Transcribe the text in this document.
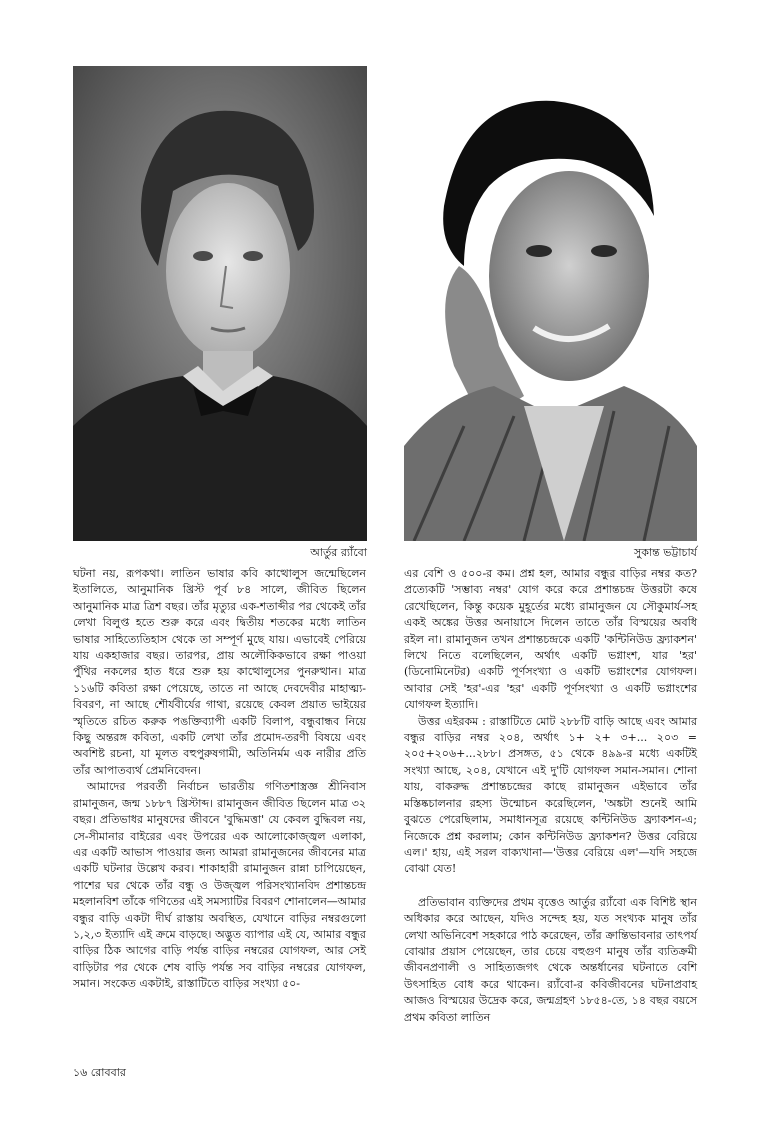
আর্তুর র‍্যাঁবো	সুকান্ত ভট্টাচার্য

ঘটনা নয়, রূপকথা। লাতিন ভাষার কবি কাত্থোলুস জন্মেছিলেন ইতালিতে, আনুমানিক খ্রিস্ট পূর্ব ৮৪ সালে, জীবিত ছিলেন আনুমানিক মাত্র ত্রিশ বছর। তাঁর মৃত্যুর এক-শতাব্দীর পর থেকেই তাঁর লেখা বিলুপ্ত হতে শুরু করে এবং দ্বিতীয় শতকের মধ্যে লাতিন ভাষার সাহিত্যেতিহাস থেকে তা সম্পূর্ণ মুছে যায়। এভাবেই পেরিয়ে যায় একহাজার বছর। তারপর, প্রায় অলৌকিকভাবে রক্ষা পাওয়া পুঁথির নকলের হাত ধরে শুরু হয় কাত্থোলুসের পুনরুত্থান। মাত্র ১১৬টি কবিতা রক্ষা পেয়েছে, তাতে না আছে দেবদেবীর মাহাত্ম্য-বিবরণ, না আছে শৌর্যবীর্যের গাথা, রয়েছে কেবল প্রয়াত ভাইয়ের স্মৃতিতে রচিত করুক পঙক্তিব্যাপী একটি বিলাপ, বন্ধুবান্ধব নিয়ে কিছু অন্তরঙ্গ কবিতা, একটি লেখা তাঁর প্রমোদ-তরণী বিষয়ে এবং অবশিষ্ট রচনা, যা মূলত বহুপুরুষগামী, অতিনির্মম এক নারীর প্রতি তাঁর আপাতব্যর্থ প্রেমনিবেদন।

আমাদের পরবর্তী নির্বাচন ভারতীয় গণিতশাস্ত্রজ্ঞ শ্রীনিবাস রামানুজন, জন্ম ১৮৮৭ খ্রিস্টাব্দ। রামানুজন জীবিত ছিলেন মাত্র ৩২ বছর। প্রতিভাধর মানুষদের জীবনে 'বুদ্ধিমত্তা' যে কেবল বুদ্ধিবল নয়, সে-সীমানার বাইরের এবং উপরের এক আলোকোজ্জ্বল এলাকা, এর একটি আভাস পাওয়ার জন্য আমরা রামানুজনের জীবনের মাত্র একটি ঘটনার উল্লেখ করব। শাকাহারী রামানুজন রান্না চাপিয়েছেন, পাশের ঘর থেকে তাঁর বন্ধু ও উজ্জ্বল পরিসংখ্যানবিদ প্রশান্তচন্দ্র মহলানবিশ তাঁকে গণিতের এই সমস্যাটির বিবরণ শোনালেন—আমার বন্ধুর বাড়ি একটা দীর্ঘ রাস্তায় অবস্থিত, যেখানে বাড়ির নম্বরগুলো ১,২,৩ ইত্যাদি এই ক্রমে বাড়ছে। অদ্ভুত ব্যাপার এই যে, আমার বন্ধুর বাড়ির ঠিক আগের বাড়ি পর্যন্ত বাড়ির নম্বরের যোগফল, আর সেই বাড়িটার পর থেকে শেষ বাড়ি পর্যন্ত সব বাড়ির নম্বরের যোগফল, সমান। সংকেত একটাই, রাস্তাটিতে বাড়ির সংখ্যা ৫০-

এর বেশি ও ৫০০-র কম। প্রশ্ন হল, আমার বন্ধুর বাড়ির নম্বর কত? প্রত্যেকটি 'সম্ভাব্য নম্বর' যোগ করে করে প্রশান্তচন্দ্র উত্তরটা কষে রেখেছিলেন, কিন্তু কয়েক মুহূর্তের মধ্যে রামানুজন যে সৌকুমার্য-সহ একই অঙ্কের উত্তর অনায়াসে দিলেন তাতে তাঁর বিস্ময়ের অবধি রইল না। রামানুজন তখন প্রশান্তচন্দ্রকে একটি 'কন্টিনিউড ফ্র্যাকশন' লিখে নিতে বলেছিলেন, অর্থাৎ একটি ভগ্নাংশ, যার 'হর' (ডিনোমিনেটর) একটি পূর্ণসংখ্যা ও একটি ভগ্নাংশের যোগফল। আবার সেই 'হর'-এর 'হর' একটি পূর্ণসংখ্যা ও একটি ভগ্নাংশের যোগফল ইত্যাদি।

উত্তর এইরকম : রাস্তাটিতে মোট ২৮৮টি বাড়ি আছে এবং আমার বন্ধুর বাড়ির নম্বর ২০৪, অর্থাৎ ১+ ২+ ৩+... ২০৩ = ২০৫+২০৬+...২৮৮। প্রসঙ্গত, ৫১ থেকে ৪৯৯-র মধ্যে একটিই সংখ্যা আছে, ২০৪, যেখানে এই দু'টি যোগফল সমান-সমান। শোনা যায়, বাকরুদ্ধ প্রশান্তচন্দ্রের কাছে রামানুজন এইভাবে তাঁর মস্তিষ্কচালনার রহস্য উন্মোচন করেছিলেন, 'অঙ্কটা শুনেই আমি বুঝতে পেরেছিলাম, সমাধানসূত্র রয়েছে কন্টিনিউড ফ্র্যাকশন-এ; নিজেকে প্রশ্ন করলাম; কোন কন্টিনিউড ফ্র্যাকশন? উত্তর বেরিয়ে এল।' হায়, এই সরল বাক্যখানা—'উত্তর বেরিয়ে এল'—যদি সহজে বোঝা যেত!

প্রতিভাবান ব্যক্তিদের প্রথম বৃত্তেও আর্তুর র‍্যাঁবো এক বিশিষ্ট স্থান অধিকার করে আছেন, যদিও সন্দেহ হয়, যত সংখ্যক মানুষ তাঁর লেখা অভিনিবেশ সহকারে পাঠ করেছেন, তাঁর ক্রান্তিভাবনার তাৎপর্য বোঝার প্রয়াস পেয়েছেন, তার চেয়ে বহুগুণ মানুষ তাঁর ব্যতিক্রমী জীবনপ্রণালী ও সাহিত্যজগৎ থেকে অন্তর্ধানের ঘটনাতে বেশি উৎসাহিত বোধ করে থাকেন। র‍্যাঁবো-র কবিজীবনের ঘটনাপ্রবাহ আজও বিস্ময়ের উদ্রেক করে, জন্মগ্রহণ ১৮৫৪-তে, ১৪ বছর বয়সে প্রথম কবিতা লাতিন

১৬ রোববার
